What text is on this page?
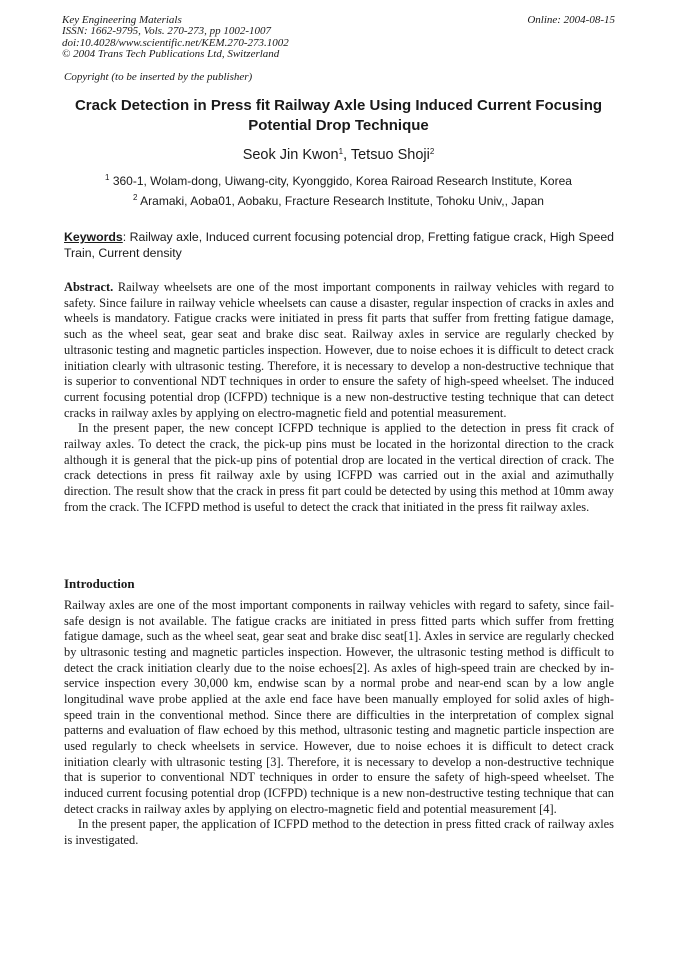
Key Engineering Materials
ISSN: 1662-9795, Vols. 270-273, pp 1002-1007
doi:10.4028/www.scientific.net/KEM.270-273.1002
© 2004 Trans Tech Publications Ltd, Switzerland
Online: 2004-08-15
Copyright (to be inserted by the publisher)
Crack Detection in Press fit Railway Axle Using Induced Current Focusing Potential Drop Technique
Seok Jin Kwon$^1$, Tetsuo Shoji$^2$
$^1$ 360-1, Wolam-dong, Uiwang-city, Kyonggido, Korea Rairoad Research Institute, Korea
$^2$ Aramaki, Aoba01, Aobaku, Fracture Research Institute, Tohoku Univ,, Japan
Keywords: Railway axle, Induced current focusing potencial drop, Fretting fatigue crack, High Speed Train, Current density

Abstract. Railway wheelsets are one of the most important components in railway vehicles with regard to safety. Since failure in railway vehicle wheelsets can cause a disaster, regular inspection of cracks in axles and wheels is mandatory. Fatigue cracks were initiated in press fit parts that suffer from fretting fatigue damage, such as the wheel seat, gear seat and brake disc seat. Railway axles in service are regularly checked by ultrasonic testing and magnetic particles inspection. However, due to noise echoes it is difficult to detect crack initiation clearly with ultrasonic testing. Therefore, it is necessary to develop a non-destructive technique that is superior to conventional NDT techniques in order to ensure the safety of high-speed wheelset. The induced current focusing potential drop (ICFPD) technique is a new non-destructive testing technique that can detect cracks in railway axles by applying on electro-magnetic field and potential measurement.

In the present paper, the new concept ICFPD technique is applied to the detection in press fit crack of railway axles. To detect the crack, the pick-up pins must be located in the horizontal direction to the crack although it is general that the pick-up pins of potential drop are located in the vertical direction of crack. The crack detections in press fit railway axle by using ICFPD was carried out in the axial and azimuthally direction. The result show that the crack in press fit part could be detected by using this method at 10mm away from the crack. The ICFPD method is useful to detect the crack that initiated in the press fit railway axles.

Introduction

Railway axles are one of the most important components in railway vehicles with regard to safety, since fail-safe design is not available. The fatigue cracks are initiated in press fitted parts which suffer from fretting fatigue damage, such as the wheel seat, gear seat and brake disc seat[1]. Axles in service are regularly checked by ultrasonic testing and magnetic particles inspection. However, the ultrasonic testing method is difficult to detect the crack initiation clearly due to the noise echoes[2]. As axles of high-speed train are checked by in-service inspection every 30,000 km, endwise scan by a normal probe and near-end scan by a low angle longitudinal wave probe applied at the axle end face have been manually employed for solid axles of high-speed train in the conventional method. Since there are difficulties in the interpretation of complex signal patterns and evaluation of flaw echoed by this method, ultrasonic testing and magnetic particle inspection are used regularly to check wheelsets in service. However, due to noise echoes it is difficult to detect crack initiation clearly with ultrasonic testing [3]. Therefore, it is necessary to develop a non-destructive technique that is superior to conventional NDT techniques in order to ensure the safety of high-speed wheelset. The induced current focusing potential drop (ICFPD) technique is a new non-destructive testing technique that can detect cracks in railway axles by applying on electro-magnetic field and potential measurement [4].

In the present paper, the application of ICFPD method to the detection in press fitted crack of railway axles is investigated.
